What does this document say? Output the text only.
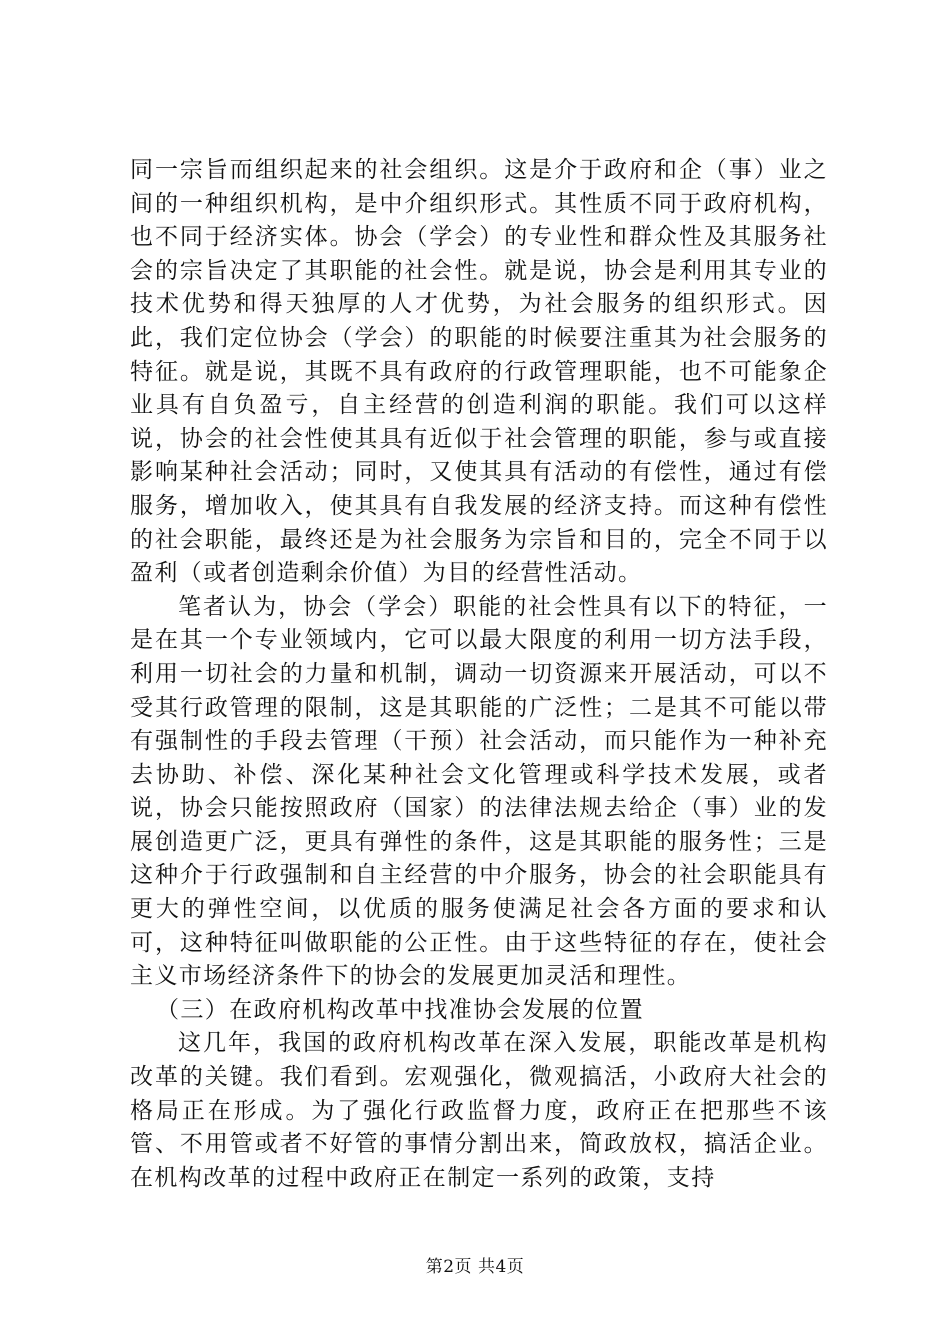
同一宗旨而组织起来的社会组织。这是介于政府和企（事）业之间的一种组织机构，是中介组织形式。其性质不同于政府机构，也不同于经济实体。协会（学会）的专业性和群众性及其服务社会的宗旨决定了其职能的社会性。就是说，协会是利用其专业的技术优势和得天独厚的人才优势，为社会服务的组织形式。因此，我们定位协会（学会）的职能的时候要注重其为社会服务的特征。就是说，其既不具有政府的行政管理职能，也不可能象企业具有自负盈亏，自主经营的创造利润的职能。我们可以这样说，协会的社会性使其具有近似于社会管理的职能，参与或直接影响某种社会活动；同时，又使其具有活动的有偿性，通过有偿服务，增加收入，使其具有自我发展的经济支持。而这种有偿性的社会职能，最终还是为社会服务为宗旨和目的，完全不同于以盈利（或者创造剩余价值）为目的经营性活动。

笔者认为，协会（学会）职能的社会性具有以下的特征，一是在其一个专业领域内，它可以最大限度的利用一切方法手段，利用一切社会的力量和机制，调动一切资源来开展活动，可以不受其行政管理的限制，这是其职能的广泛性；二是其不可能以带有强制性的手段去管理（干预）社会活动，而只能作为一种补充去协助、补偿、深化某种社会文化管理或科学技术发展，或者说，协会只能按照政府（国家）的法律法规去给企（事）业的发展创造更广泛，更具有弹性的条件，这是其职能的服务性；三是这种介于行政强制和自主经营的中介服务，协会的社会职能具有更大的弹性空间，以优质的服务使满足社会各方面的要求和认可，这种特征叫做职能的公正性。由于这些特征的存在，使社会主义市场经济条件下的协会的发展更加灵活和理性。

（三）在政府机构改革中找准协会发展的位置

这几年，我国的政府机构改革在深入发展，职能改革是机构改革的关键。我们看到。宏观强化，微观搞活，小政府大社会的格局正在形成。为了强化行政监督力度，政府正在把那些不该管、不用管或者不好管的事情分割出来，简政放权，搞活企业。在机构改革的过程中政府正在制定一系列的政策，支持

第2页 共4页
